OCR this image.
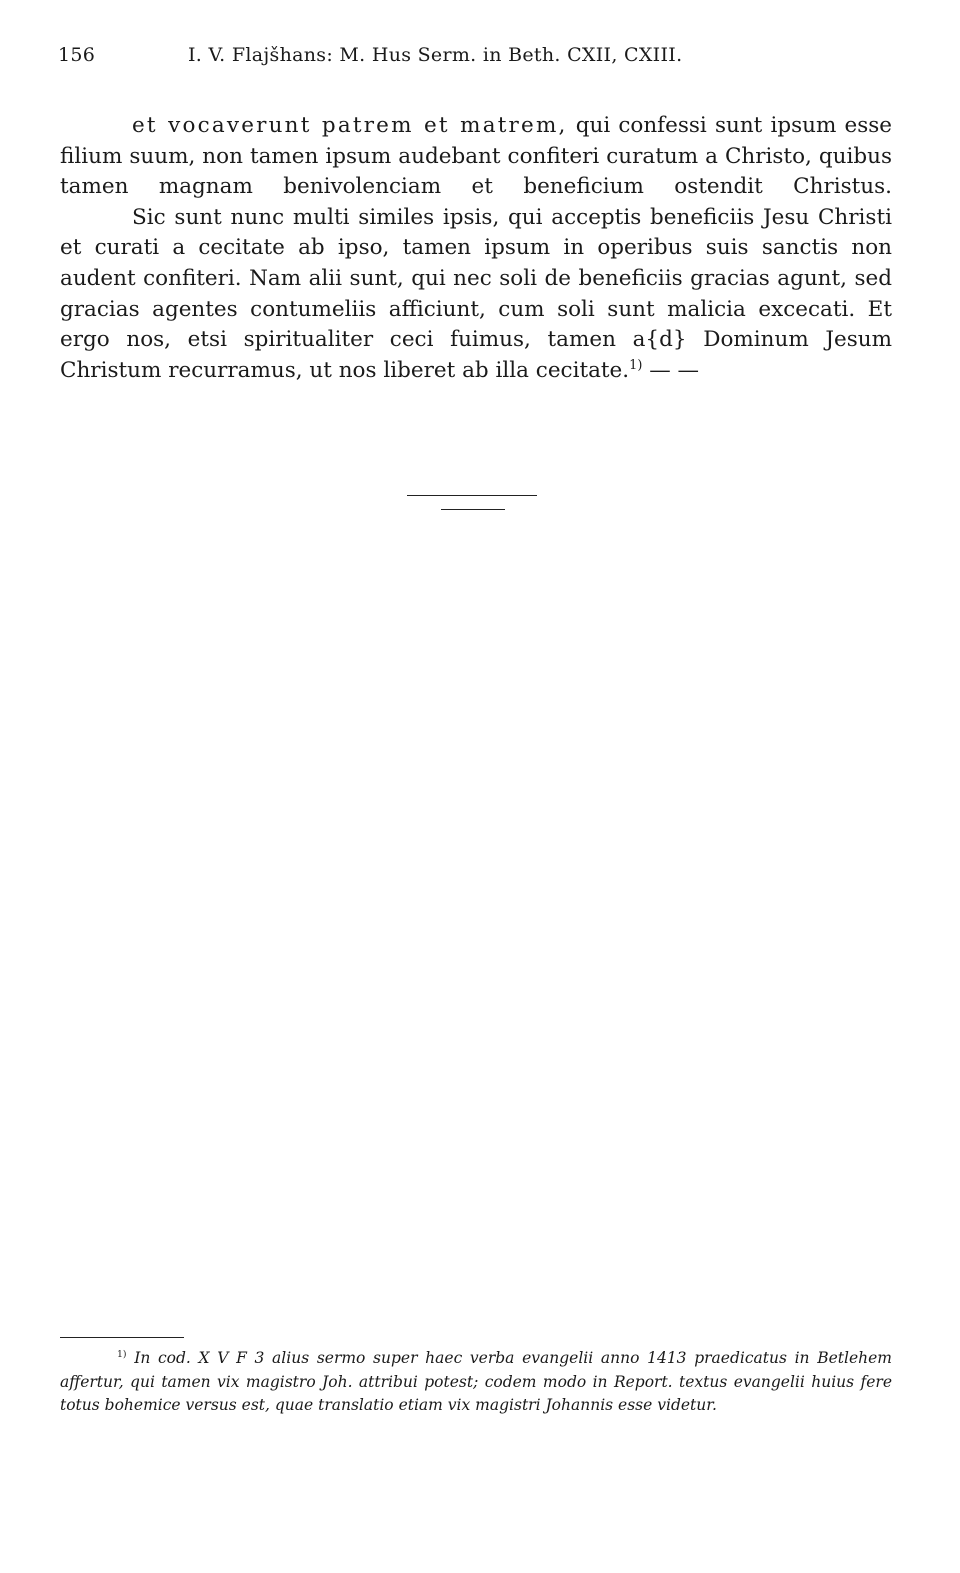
156	I. V. Flajšhans: M. Hus Serm. in Beth. CXII, CXIII.

et vocaverunt patrem et matrem, qui confessi sunt ipsum esse filium suum, non tamen ipsum audebant confiteri curatum a Christo, quibus tamen magnam benivolenciam et beneficium ostendit Christus.

Sic sunt nunc multi similes ipsis, qui acceptis beneficiis Jesu Christi et curati a cecitate ab ipso, tamen ipsum in operibus suis sanctis non audent confiteri. Nam alii sunt, qui nec soli de beneficiis gracias agunt, sed gracias agentes contumeliis afficiunt, cum soli sunt malicia excecati. Et ergo nos, etsi spiritualiter ceci fuimus, tamen a{d} Dominum Jesum Christum recurramus, ut nos liberet ab illa cecitate.$^{1)}$ — —

$^{1)}$ In cod. X V F 3 alius sermo super haec verba evangelii anno 1413 praedicatus in Betlehem affertur, qui tamen vix magistro Joh. attribui potest; codem modo in Report. textus evangelii huius fere totus bohemice versus est, quae translatio etiam vix magistri Johannis esse videtur.
